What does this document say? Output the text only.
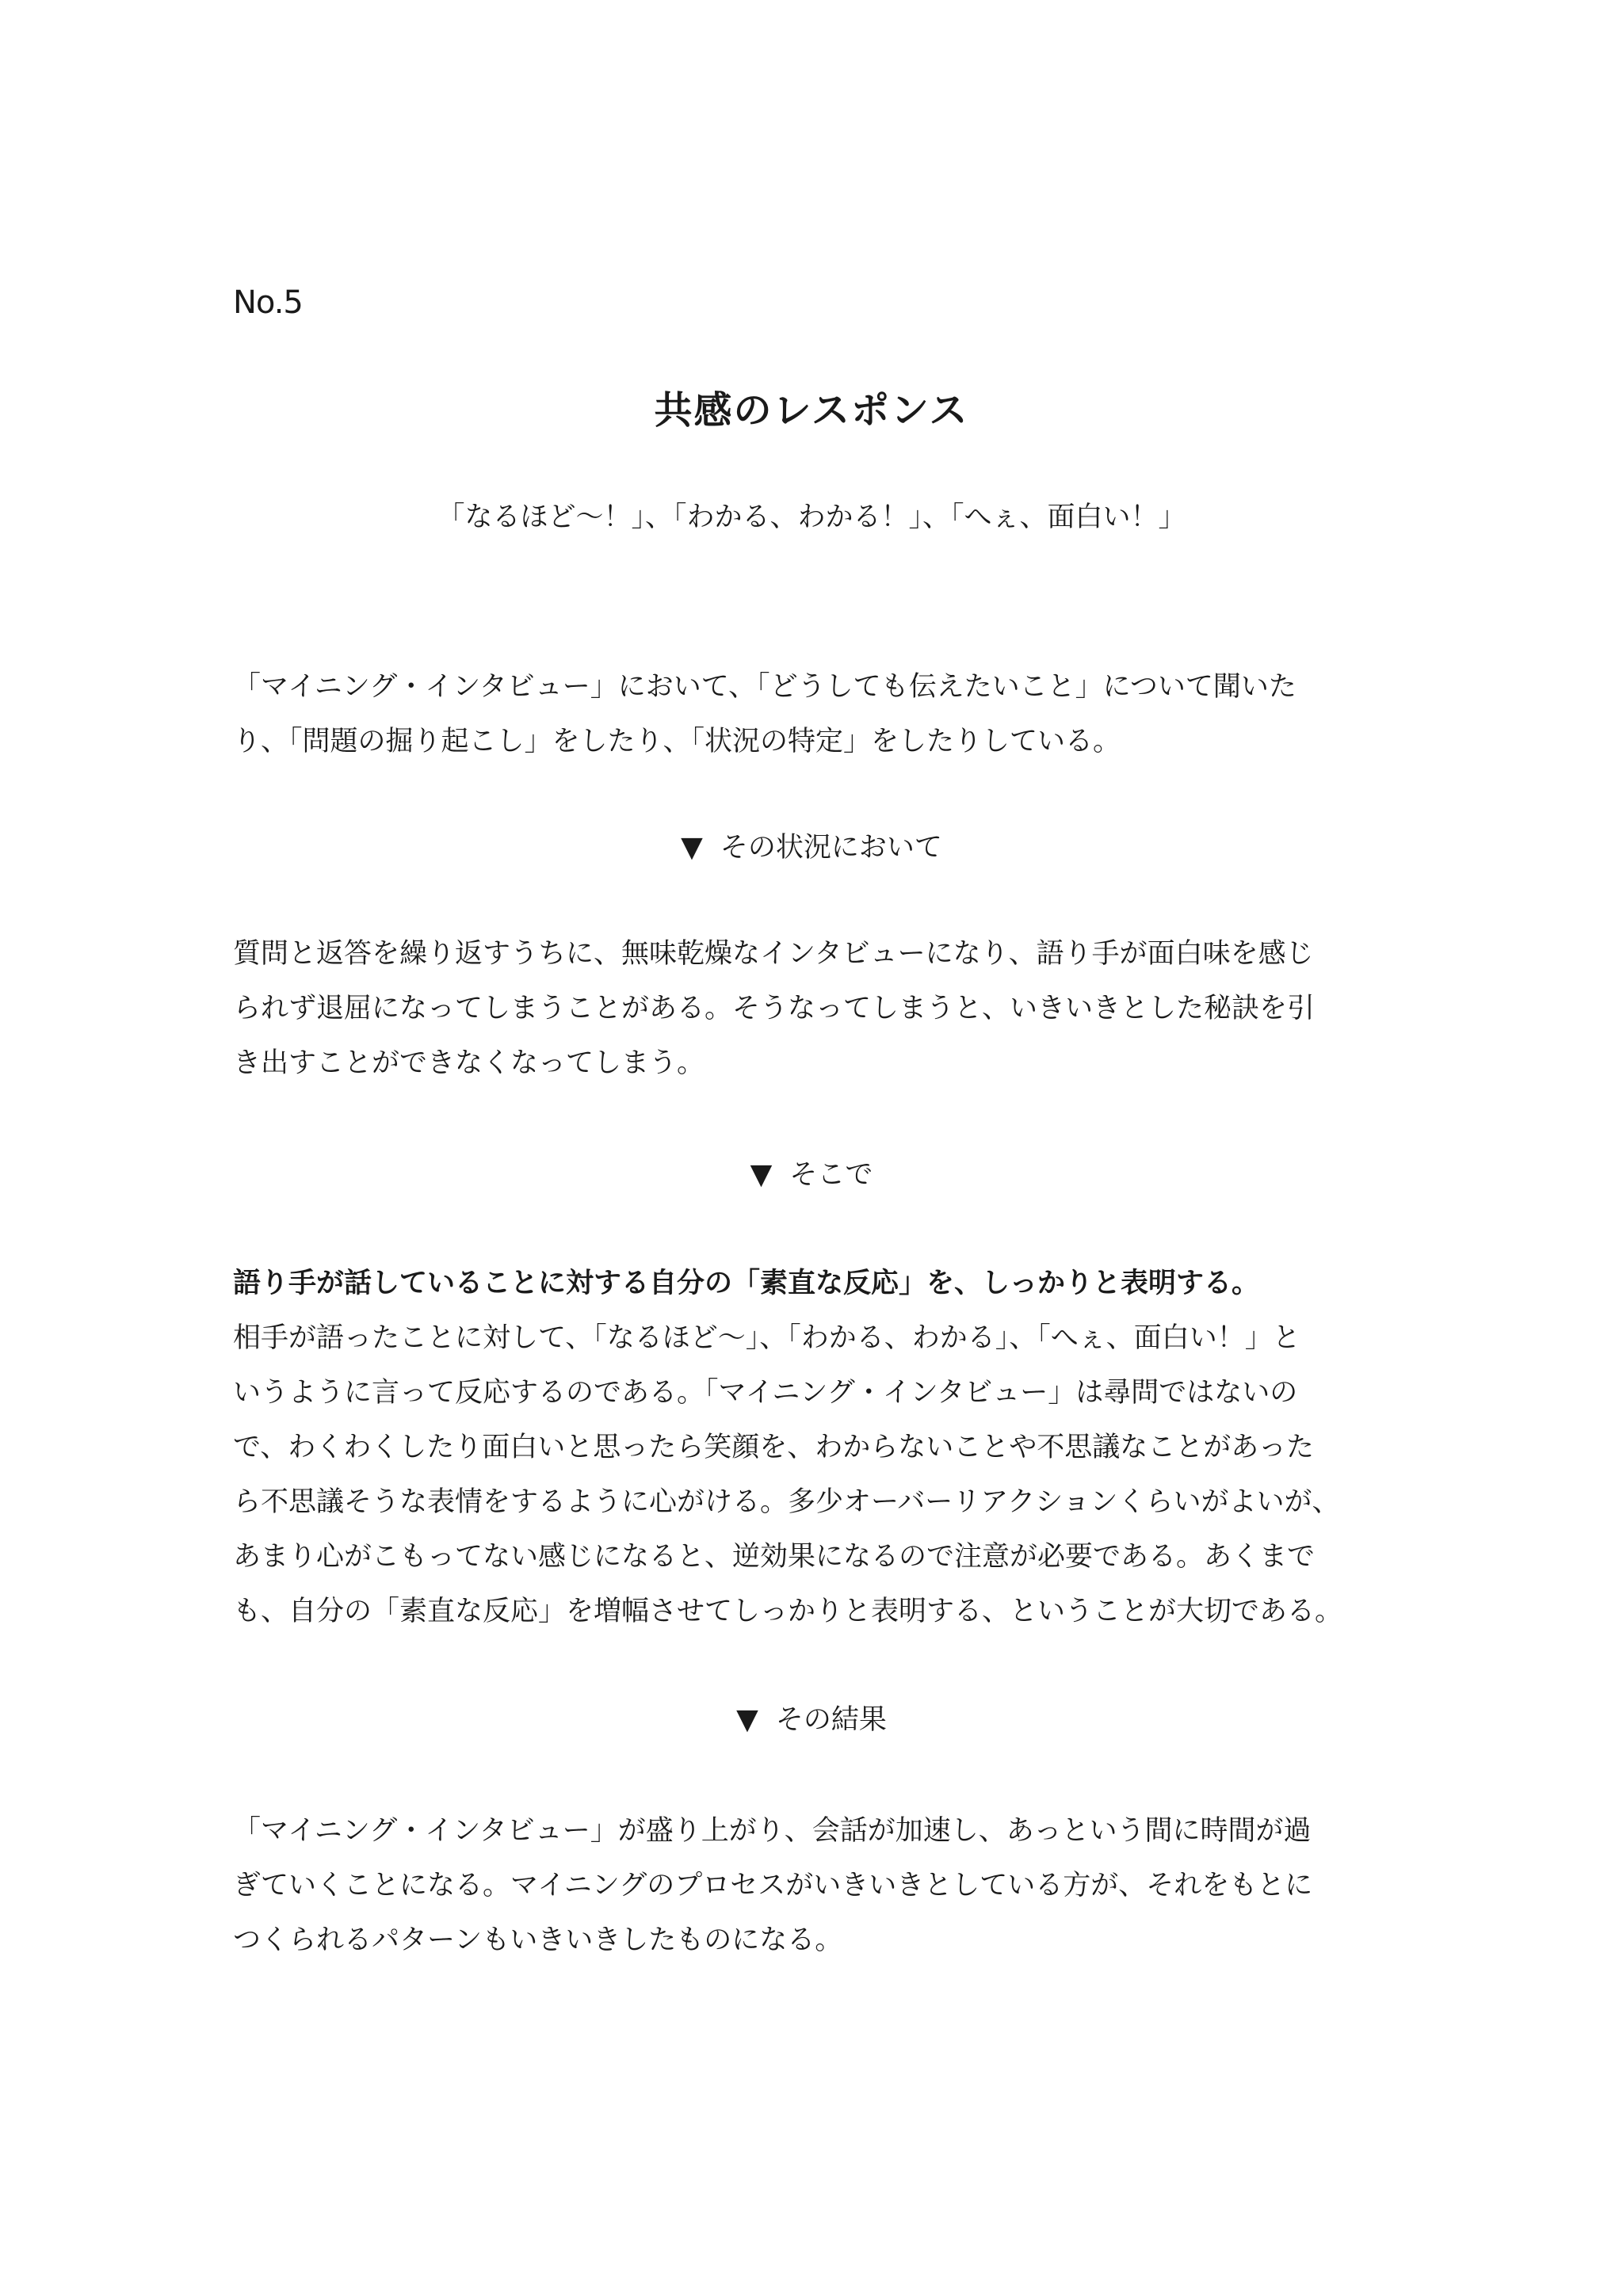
No.5
共感のレスポンス
「なるほど〜！」、「わかる、わかる！」、「へぇ、面白い！」

「マイニング・インタビュー」において、「どうしても伝えたいこと」について聞いた
り、「問題の掘り起こし」をしたり、「状況の特定」をしたりしている。

▼ その状況において

質問と返答を繰り返すうちに、無味乾燥なインタビューになり、語り手が面白味を感じ
られず退屈になってしまうことがある。そうなってしまうと、いきいきとした秘訣を引
き出すことができなくなってしまう。

▼ そこで

語り手が話していることに対する自分の「素直な反応」を、しっかりと表明する。
相手が語ったことに対して、「なるほど〜」、「わかる、わかる」、「へぇ、面白い！」と
いうように言って反応するのである。「マイニング・インタビュー」は尋問ではないの
で、わくわくしたり面白いと思ったら笑顔を、わからないことや不思議なことがあった
ら不思議そうな表情をするように心がける。多少オーバーリアクションくらいがよいが、
あまり心がこもってない感じになると、逆効果になるので注意が必要である。あくまで
も、自分の「素直な反応」を増幅させてしっかりと表明する、ということが大切である。

▼ その結果

「マイニング・インタビュー」が盛り上がり、会話が加速し、あっという間に時間が過
ぎていくことになる。マイニングのプロセスがいきいきとしている方が、それをもとに
つくられるパターンもいきいきしたものになる。
